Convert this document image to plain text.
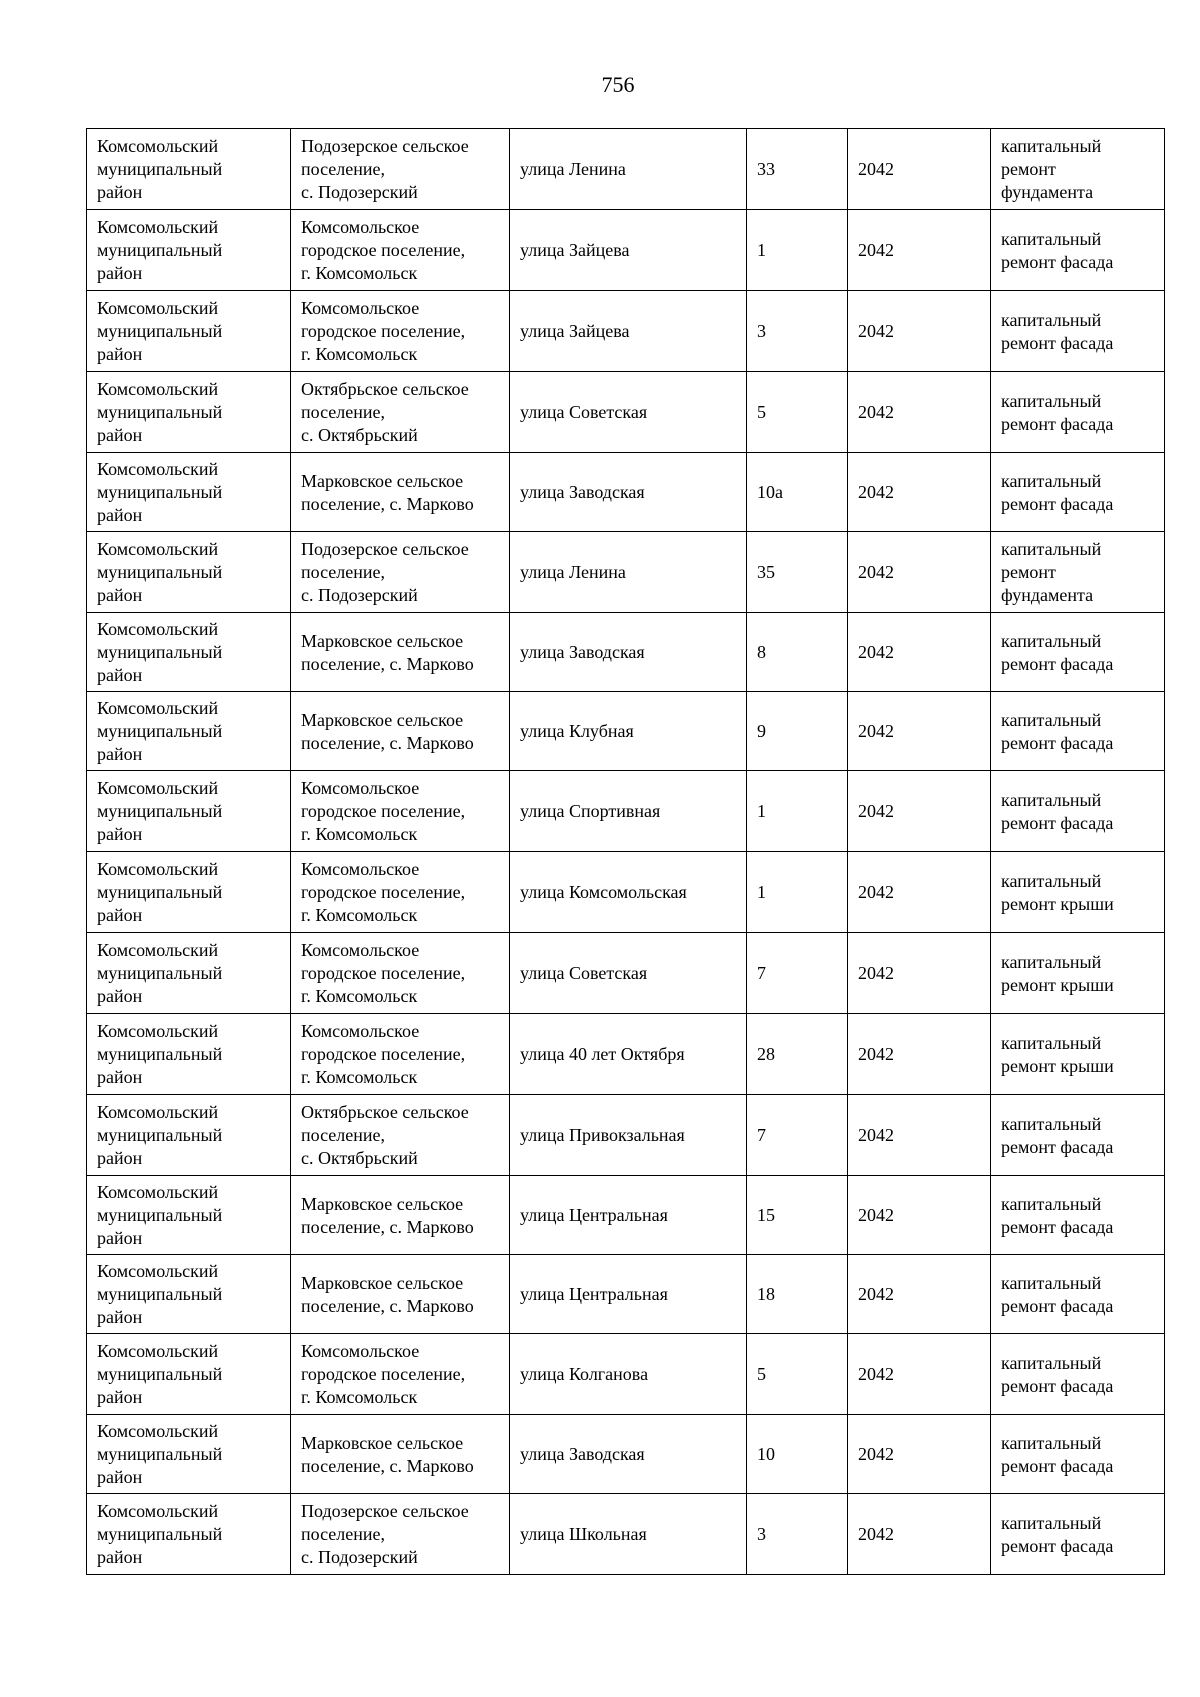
756
Комсомольский
муниципальный
район	Подозерское сельское
поселение,
с. Подозерский	улица Ленина	33	2042	капитальный
ремонт
фундамента
Комсомольский
муниципальный
район	Комсомольское
городское поселение,
г. Комсомольск	улица Зайцева	1	2042	капитальный
ремонт фасада
Комсомольский
муниципальный
район	Комсомольское
городское поселение,
г. Комсомольск	улица Зайцева	3	2042	капитальный
ремонт фасада
Комсомольский
муниципальный
район	Октябрьское сельское
поселение,
с. Октябрьский	улица Советская	5	2042	капитальный
ремонт фасада
Комсомольский
муниципальный
район	Марковское сельское
поселение, с. Марково	улица Заводская	10а	2042	капитальный
ремонт фасада
Комсомольский
муниципальный
район	Подозерское сельское
поселение,
с. Подозерский	улица Ленина	35	2042	капитальный
ремонт
фундамента
Комсомольский
муниципальный
район	Марковское сельское
поселение, с. Марково	улица Заводская	8	2042	капитальный
ремонт фасада
Комсомольский
муниципальный
район	Марковское сельское
поселение, с. Марково	улица Клубная	9	2042	капитальный
ремонт фасада
Комсомольский
муниципальный
район	Комсомольское
городское поселение,
г. Комсомольск	улица Спортивная	1	2042	капитальный
ремонт фасада
Комсомольский
муниципальный
район	Комсомольское
городское поселение,
г. Комсомольск	улица Комсомольская	1	2042	капитальный
ремонт крыши
Комсомольский
муниципальный
район	Комсомольское
городское поселение,
г. Комсомольск	улица Советская	7	2042	капитальный
ремонт крыши
Комсомольский
муниципальный
район	Комсомольское
городское поселение,
г. Комсомольск	улица 40 лет Октября	28	2042	капитальный
ремонт крыши
Комсомольский
муниципальный
район	Октябрьское сельское
поселение,
с. Октябрьский	улица Привокзальная	7	2042	капитальный
ремонт фасада
Комсомольский
муниципальный
район	Марковское сельское
поселение, с. Марково	улица Центральная	15	2042	капитальный
ремонт фасада
Комсомольский
муниципальный
район	Марковское сельское
поселение, с. Марково	улица Центральная	18	2042	капитальный
ремонт фасада
Комсомольский
муниципальный
район	Комсомольское
городское поселение,
г. Комсомольск	улица Колганова	5	2042	капитальный
ремонт фасада
Комсомольский
муниципальный
район	Марковское сельское
поселение, с. Марково	улица Заводская	10	2042	капитальный
ремонт фасада
Комсомольский
муниципальный
район	Подозерское сельское
поселение,
с. Подозерский	улица Школьная	3	2042	капитальный
ремонт фасада
